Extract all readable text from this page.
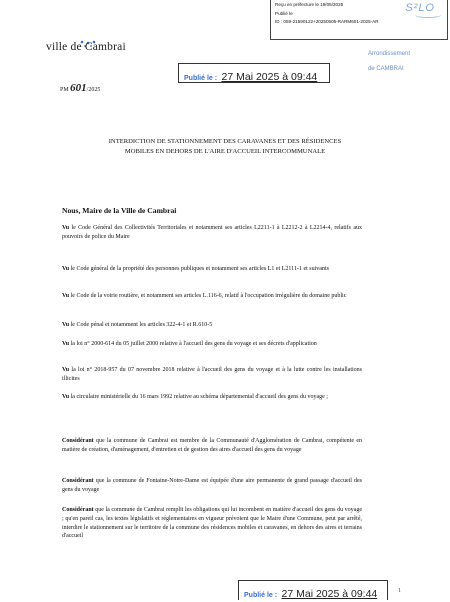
Reçu en préfecture le 19/05/2025
Publié le
ID : 059-21590122+20250505-RARM601-2025-AR
S²LO
ville de Cambrai
PM 601/2025
Publié le : 27 Mai 2025 à 09:44
Arrondissement
de CAMBRAI
INTERDICTION DE STATIONNEMENT DES CARAVANES ET DES RÉSIDENCES MOBILES EN DEHORS DE L'AIRE D'ACCUEIL INTERCOMMUNALE
Nous, Maire de la Ville de Cambrai
Vu le Code Général des Collectivités Territoriales et notamment ses articles L2211-1 à L2212-2 à L2214-4, relatifs aux pouvoirs de police du Maire
Vu le Code général de la propriété des personnes publiques et notamment ses articles L1 et L2111-1 et suivants
Vu le Code de la voirie routière, et notamment ses articles L.116-6, relatif à l'occupation irrégulière du domaine public
Vu le Code pénal et notamment les articles 322-4-1 et R.610-5
Vu la loi n° 2000-614 du 05 juillet 2000 relative à l'accueil des gens du voyage et ses décrets d'application
Vu la loi n° 2018-957 du 07 novembre 2018 relative à l'accueil des gens du voyage et à la lutte contre les installations illicites
Vu la circulaire ministérielle du 16 mars 1992 relative au schéma départemental d'accueil des gens du voyage ;
Considérant que la commune de Cambrai est membre de la Communauté d'Agglomération de Cambrai, compétente en matière de création, d'aménagement, d'entretien et de gestion des aires d'accueil des gens du voyage
Considérant que la commune de Fontaine-Notre-Dame est équipée d'une aire permanente de grand passage d'accueil des gens du voyage
Considérant que la commune de Cambrai remplit les obligations qui lui incombent en matière d'accueil des gens du voyage ; qu'en pareil cas, les textes législatifs et réglementaires en vigueur prévoient que le Maire d'une Commune, peut par arrêté, interdire le stationnement sur le territoire de la commune des résidences mobiles et caravanes, en dehors des aires et terrains d'accueil
Publié le : 27 Mai 2025 à 09:44	1
